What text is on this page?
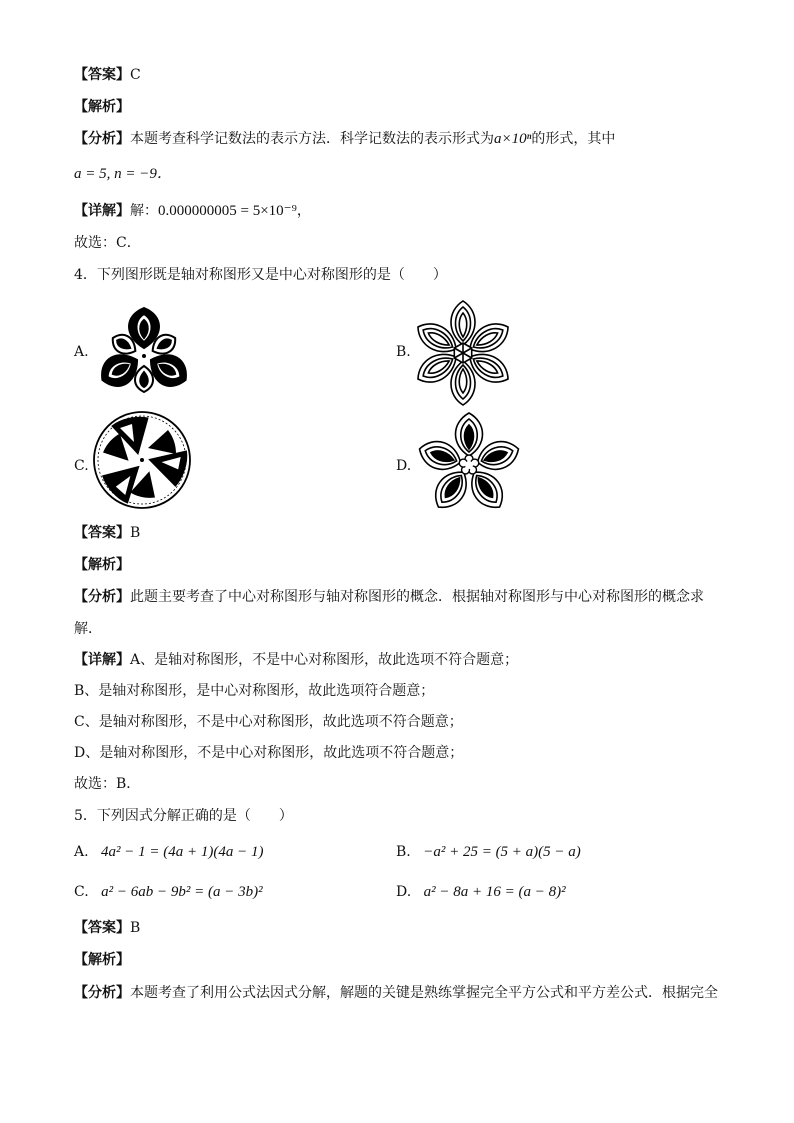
【答案】C
【解析】
【分析】本题考查科学记数法的表示方法．科学记数法的表示形式为a×10ⁿ的形式，其中
a = 5, n = −9．
【详解】解：0.000000005 = 5×10⁻⁹，
故选：C．
4．下列图形既是轴对称图形又是中心对称图形的是（　　）
A.	B.
C.	D.
【答案】B
【解析】
【分析】此题主要考查了中心对称图形与轴对称图形的概念．根据轴对称图形与中心对称图形的概念求
解．
【详解】A、是轴对称图形，不是中心对称图形，故此选项不符合题意；
B、是轴对称图形，是中心对称图形，故此选项符合题意；
C、是轴对称图形，不是中心对称图形，故此选项不符合题意；
D、是轴对称图形，不是中心对称图形，故此选项不符合题意；
故选：B．
5．下列因式分解正确的是（　　）
A. 4a² − 1 = (4a + 1)(4a − 1)	B. −a² + 25 = (5 + a)(5 − a)
C. a² − 6ab − 9b² = (a − 3b)²	D. a² − 8a + 16 = (a − 8)²
【答案】B
【解析】
【分析】本题考查了利用公式法因式分解，解题的关键是熟练掌握完全平方公式和平方差公式．根据完全
